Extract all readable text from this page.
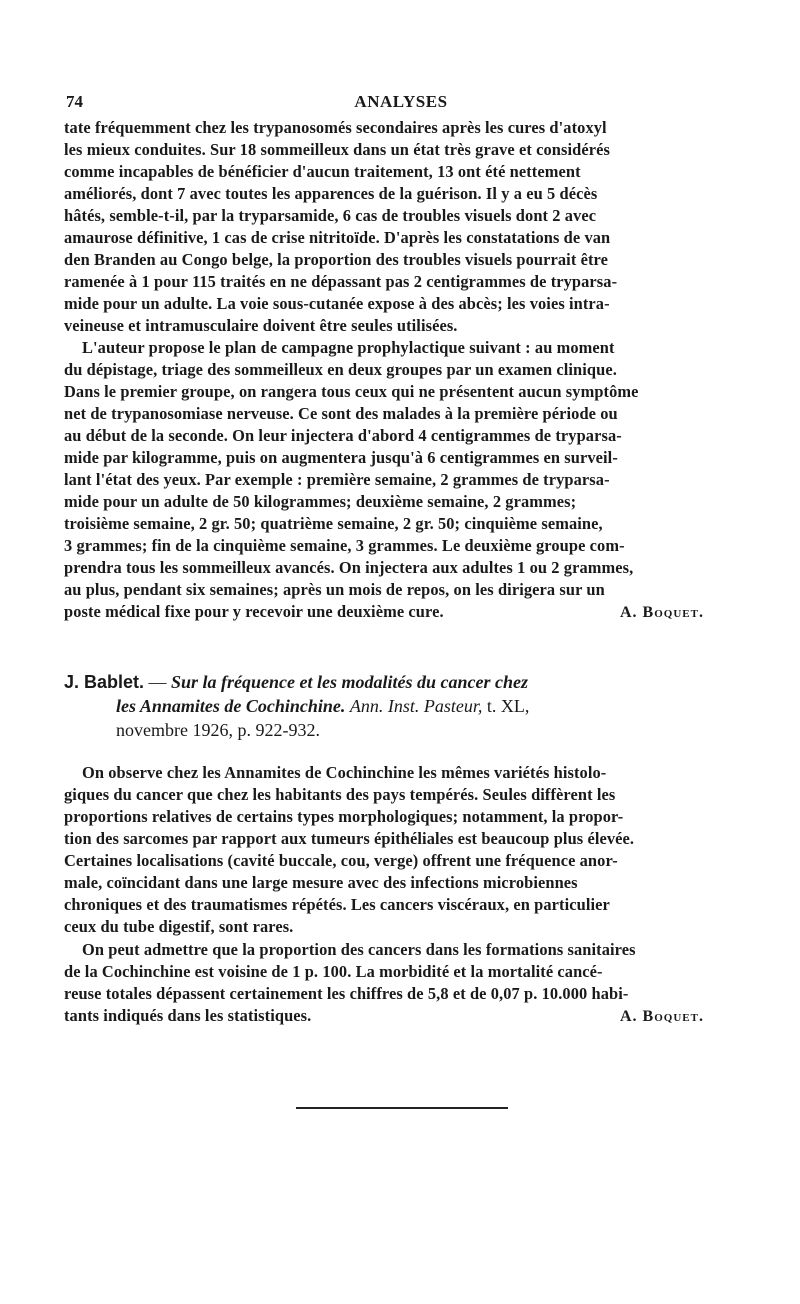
74	ANALYSES
tate fréquemment chez les trypanosomés secondaires après les cures d'atoxyl
les mieux conduites. Sur 18 sommeilleux dans un état très grave et considérés
comme incapables de bénéficier d'aucun traitement, 13 ont été nettement
améliorés, dont 7 avec toutes les apparences de la guérison. Il y a eu 5 décès
hâtés, semble-t-il, par la tryparsamide, 6 cas de troubles visuels dont 2 avec
amaurose définitive, 1 cas de crise nitritoïde. D'après les constatations de van
den Branden au Congo belge, la proportion des troubles visuels pourrait être
ramenée à 1 pour 115 traités en ne dépassant pas 2 centigrammes de tryparsa-
mide pour un adulte. La voie sous-cutanée expose à des abcès; les voies intra-
veineuse et intramusculaire doivent être seules utilisées.
L'auteur propose le plan de campagne prophylactique suivant : au moment
du dépistage, triage des sommeilleux en deux groupes par un examen clinique.
Dans le premier groupe, on rangera tous ceux qui ne présentent aucun symptôme
net de trypanosomiase nerveuse. Ce sont des malades à la première période ou
au début de la seconde. On leur injectera d'abord 4 centigrammes de tryparsa-
mide par kilogramme, puis on augmentera jusqu'à 6 centigrammes en surveil-
lant l'état des yeux. Par exemple : première semaine, 2 grammes de tryparsa-
mide pour un adulte de 50 kilogrammes; deuxième semaine, 2 grammes;
troisième semaine, 2 gr. 50; quatrième semaine, 2 gr. 50; cinquième semaine,
3 grammes; fin de la cinquième semaine, 3 grammes. Le deuxième groupe com-
prendra tous les sommeilleux avancés. On injectera aux adultes 1 ou 2 grammes,
au plus, pendant six semaines; après un mois de repos, on les dirigera sur un
poste médical fixe pour y recevoir une deuxième cure.	A. Boquet.
J. Bablet. — Sur la fréquence et les modalités du cancer chez
les Annamites de Cochinchine. Ann. Inst. Pasteur, t. XL,
novembre 1926, p. 922-932.
On observe chez les Annamites de Cochinchine les mêmes variétés histolo-
giques du cancer que chez les habitants des pays tempérés. Seules diffèrent les
proportions relatives de certains types morphologiques; notamment, la propor-
tion des sarcomes par rapport aux tumeurs épithéliales est beaucoup plus élevée.
Certaines localisations (cavité buccale, cou, verge) offrent une fréquence anor-
male, coïncidant dans une large mesure avec des infections microbiennes
chroniques et des traumatismes répétés. Les cancers viscéraux, en particulier
ceux du tube digestif, sont rares.
On peut admettre que la proportion des cancers dans les formations sanitaires
de la Cochinchine est voisine de 1 p. 100. La morbidité et la mortalité cancé-
reuse totales dépassent certainement les chiffres de 5,8 et de 0,07 p. 10.000 habi-
tants indiqués dans les statistiques.	A. Boquet.
